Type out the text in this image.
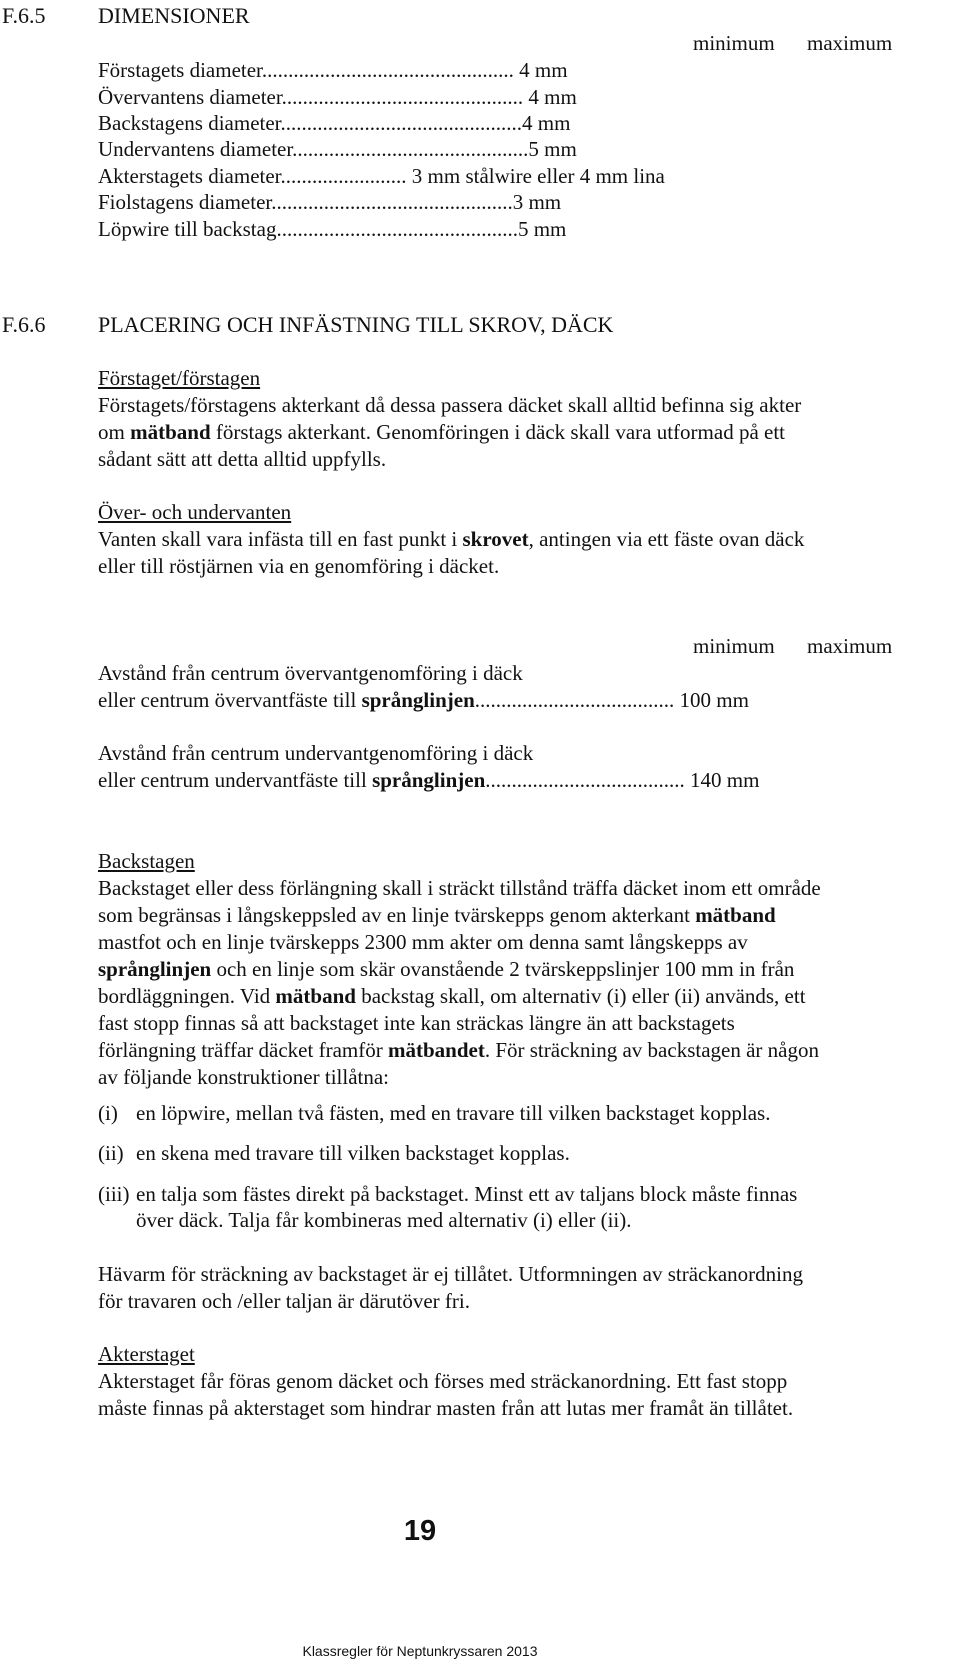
F.6.5 DIMENSIONER
minimum maximum
Förstagets diameter................................................ 4 mm
Övervantens diameter.............................................. 4 mm
Backstagens diameter..............................................4 mm
Undervantens diameter.............................................5 mm
Akterstagets diameter........................ 3 mm stålwire eller 4 mm lina
Fiolstagens diameter..............................................3 mm
Löpwire till backstag..............................................5 mm
F.6.6 PLACERING OCH INFÄSTNING TILL SKROV, DÄCK
Förstaget/förstagen
Förstagets/förstagens akterkant då dessa passera däcket skall alltid befinna sig akter
om mätband förstags akterkant. Genomföringen i däck skall vara utformad på ett
sådant sätt att detta alltid uppfylls.
Över- och undervanten
Vanten skall vara infästa till en fast punkt i skrovet, antingen via ett fäste ovan däck
eller till röstjärnen via en genomföring i däcket.
minimum maximum
Avstånd från centrum övervantgenomföring i däck
eller centrum övervantfäste till språnglinjen...................................... 100 mm
Avstånd från centrum undervantgenomföring i däck
eller centrum undervantfäste till språnglinjen...................................... 140 mm
Backstagen
Backstaget eller dess förlängning skall i sträckt tillstånd träffa däcket inom ett område
som begränsas i långskeppsled av en linje tvärskepps genom akterkant mätband
mastfot och en linje tvärskepps 2300 mm akter om denna samt långskepps av
språnglinjen och en linje som skär ovanstående 2 tvärskeppslinjer 100 mm in från
bordläggningen. Vid mätband backstag skall, om alternativ (i) eller (ii) används, ett
fast stopp finnas så att backstaget inte kan sträckas längre än att backstagets
förlängning träffar däcket framför mätbandet. För sträckning av backstagen är någon
av följande konstruktioner tillåtna:
(i) en löpwire, mellan två fästen, med en travare till vilken backstaget kopplas.
(ii) en skena med travare till vilken backstaget kopplas.
(iii) en talja som fästes direkt på backstaget. Minst ett av taljans block måste finnas
över däck. Talja får kombineras med alternativ (i) eller (ii).
Hävarm för sträckning av backstaget är ej tillåtet. Utformningen av sträckanordning
för travaren och /eller taljan är därutöver fri.
Akterstaget
Akterstaget får föras genom däcket och förses med sträckanordning. Ett fast stopp
måste finnas på akterstaget som hindrar masten från att lutas mer framåt än tillåtet.
19
Klassregler för Neptunkryssaren 2013
